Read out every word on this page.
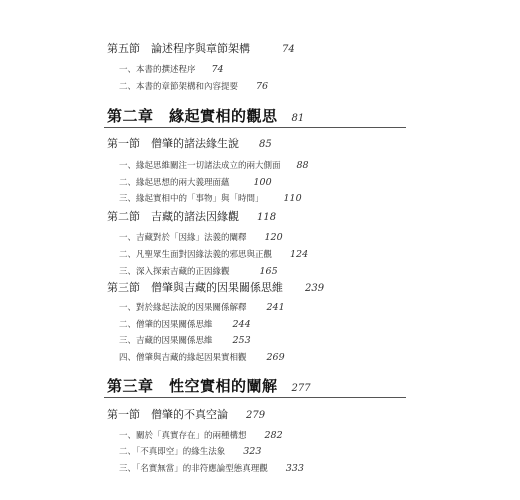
第五節　論述程序與章節架構	74
一、本書的撰述程序 74
二、本書的章節架構和內容提要 76
第二章　緣起實相的觀思 81
第一節　僧肇的諸法緣生說 85
一、緣起思維關注一切諸法成立的兩大側面 88
二、緣起思想的兩大義理面蘊	100
三、緣起實相中的「事物」與「時間」 110
第二節　吉藏的諸法因緣觀 118
一、吉藏對於「因緣」法義的闡釋 120
二、凡聖眾生面對因緣法義的邪思與正觀 124
三、深入探索吉藏的正因緣觀	165
第三節　僧肇與吉藏的因果關係思維 239
一、對於緣起法說的因果關係解釋 241
二、僧肇的因果關係思維 244
三、吉藏的因果關係思維 253
四、僧肇與吉藏的緣起因果實相觀 269
第三章　性空實相的闡解 277
第一節　僧肇的不真空論 279
一、關於「真實存在」的兩種構想 282
二、「不真即空」的緣生法象 323
三、「名實無當」的非符應論型態真理觀 333
